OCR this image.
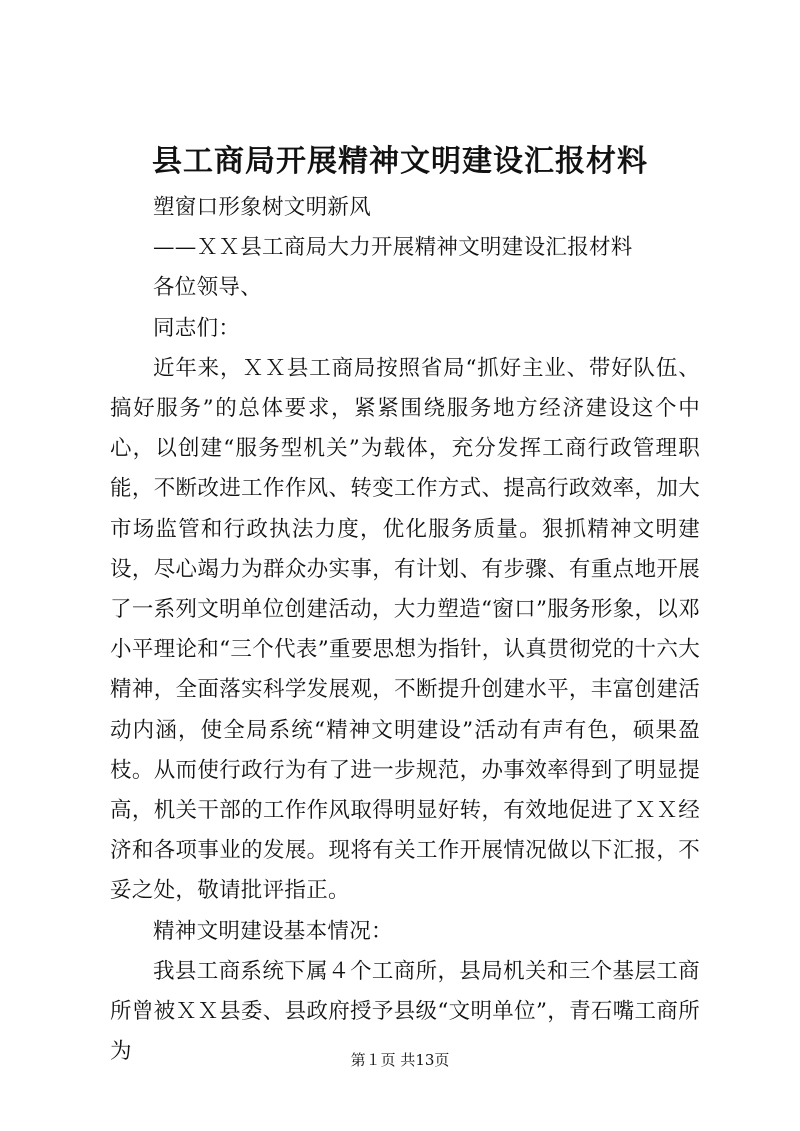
县工商局开展精神文明建设汇报材料

塑窗口形象树文明新风

——ＸＸ县工商局大力开展精神文明建设汇报材料

各位领导、

同志们：

近年来，ＸＸ县工商局按照省局“抓好主业、带好队伍、搞好服务”的总体要求，紧紧围绕服务地方经济建设这个中心，以创建“服务型机关”为载体，充分发挥工商行政管理职能，不断改进工作作风、转变工作方式、提高行政效率，加大市场监管和行政执法力度，优化服务质量。狠抓精神文明建设，尽心竭力为群众办实事，有计划、有步骤、有重点地开展了一系列文明单位创建活动，大力塑造“窗口”服务形象，以邓小平理论和“三个代表”重要思想为指针，认真贯彻党的十六大精神，全面落实科学发展观，不断提升创建水平，丰富创建活动内涵，使全局系统“精神文明建设”活动有声有色，硕果盈枝。从而使行政行为有了进一步规范，办事效率得到了明显提高，机关干部的工作作风取得明显好转，有效地促进了ＸＸ经济和各项事业的发展。现将有关工作开展情况做以下汇报，不妥之处，敬请批评指正。

精神文明建设基本情况：

我县工商系统下属４个工商所，县局机关和三个基层工商所曾被ＸＸ县委、县政府授予县级“文明单位”，青石嘴工商所为	第１页 共13页
